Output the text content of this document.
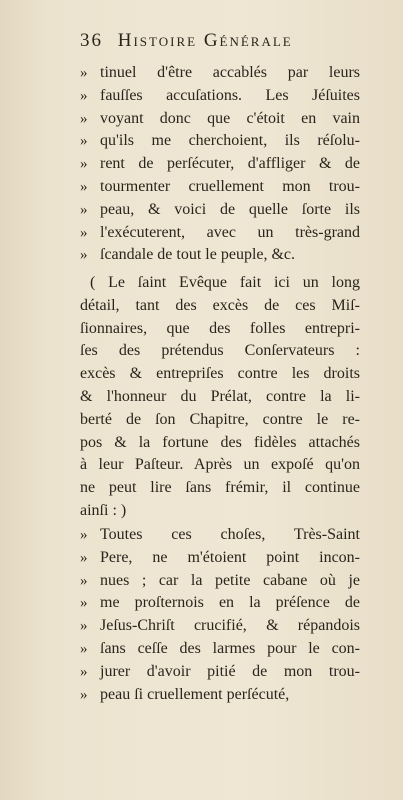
36 Histoire Générale
» tinuel d'être accablés par leurs
» fauſſes accuſations. Les Jéſuites
» voyant donc que c'étoit en vain
» qu'ils me cherchoient, ils réſolu-
» rent de perſécuter, d'affliger & de
» tourmenter cruellement mon trou-
» peau, & voici de quelle ſorte ils
» l'exécuterent, avec un très-grand
» ſcandale de tout le peuple, &c.
( Le ſaint Evêque fait ici un long
détail, tant des excès de ces Miſ-
ſionnaires, que des folles entrepri-
ſes des prétendus Conſervateurs :
excès & entrepriſes contre les droits
& l'honneur du Prélat, contre la li-
berté de ſon Chapitre, contre le re-
pos & la fortune des fidèles attachés
à leur Paſteur. Après un expoſé qu'on
ne peut lire ſans frémir, il continue
ainſi : )
» Toutes ces choſes, Très-Saint
» Pere, ne m'étoient point incon-
» nues ; car la petite cabane où je
» me proſternois en la préſence de
» Jeſus-Chriſt crucifié, & répandois
» ſans ceſſe des larmes pour le con-
» jurer d'avoir pitié de mon trou-
» peau ſi cruellement perſécuté,
